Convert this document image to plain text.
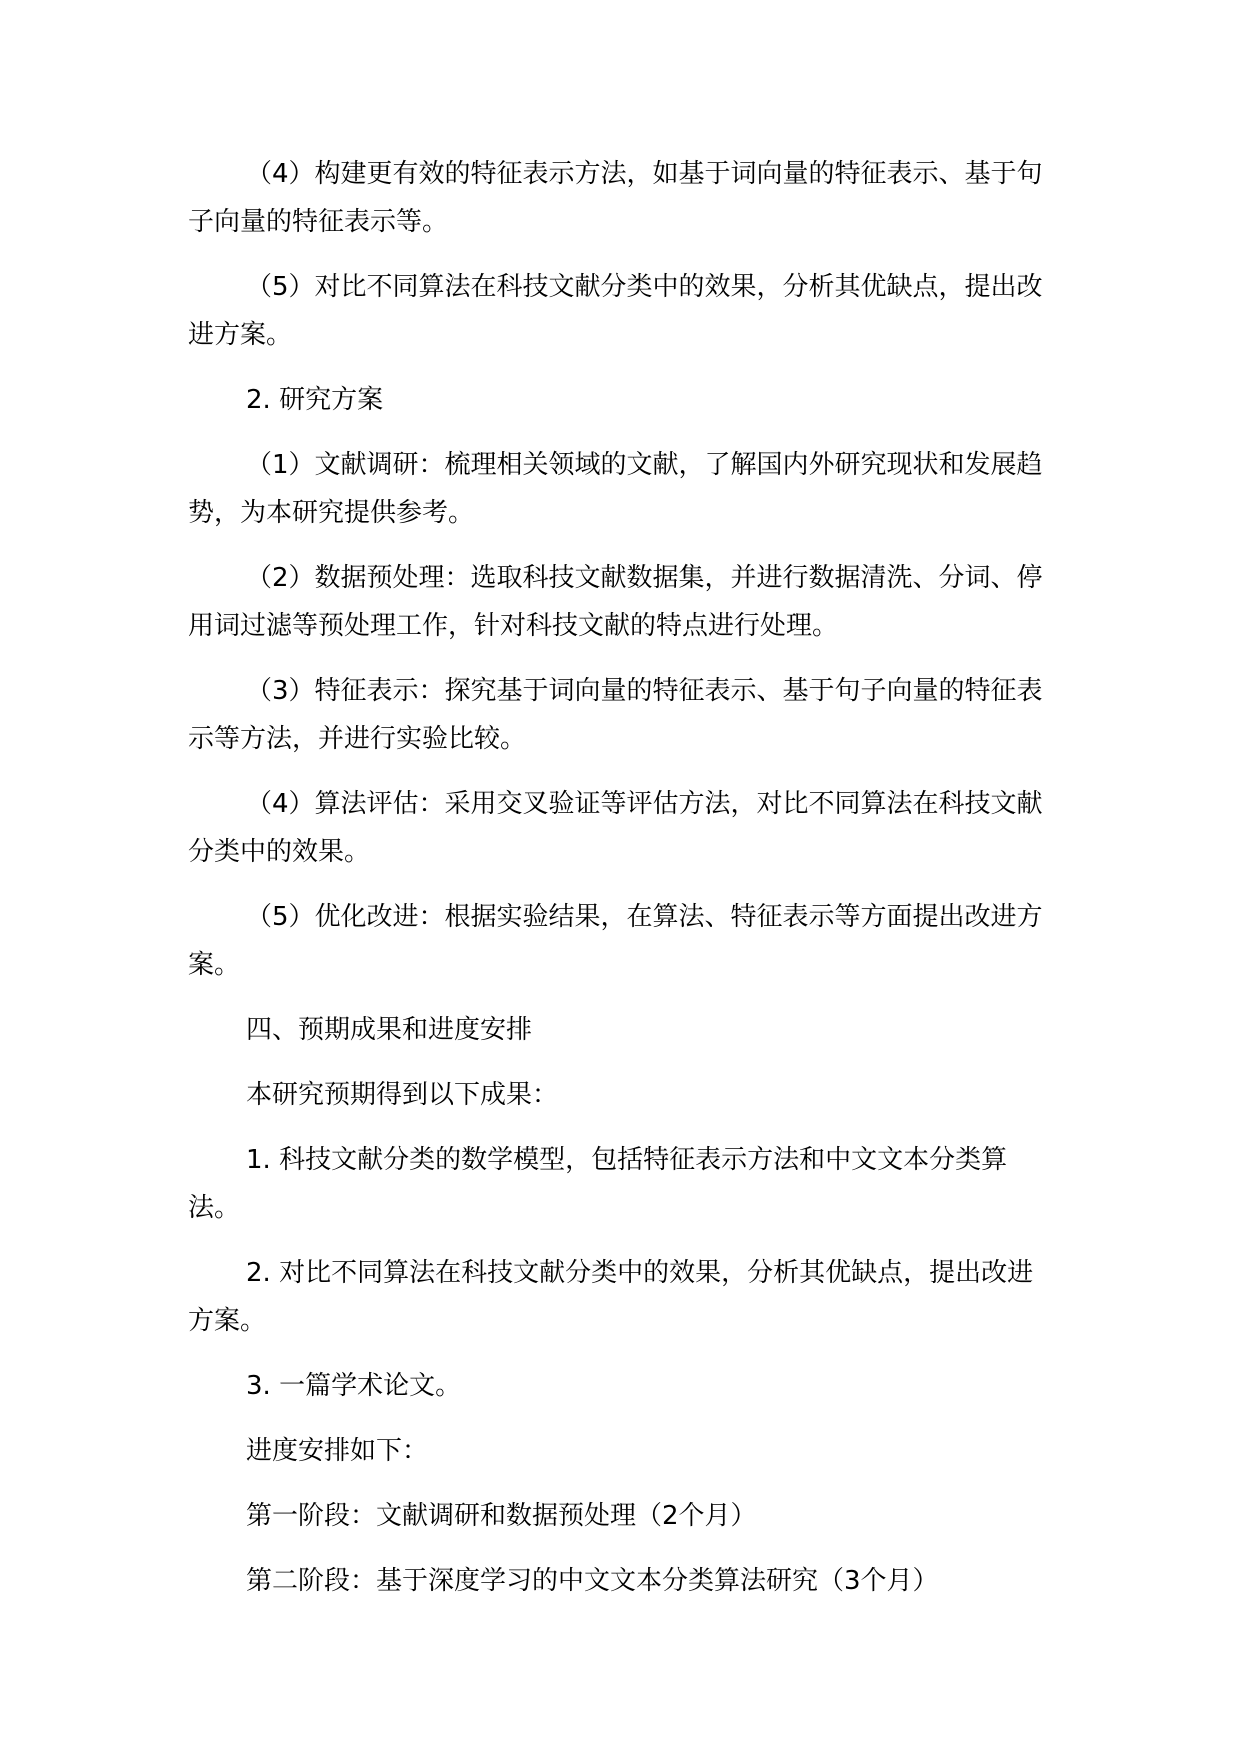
（4）构建更有效的特征表示方法，如基于词向量的特征表示、基于句子向量的特征表示等。

（5）对比不同算法在科技文献分类中的效果，分析其优缺点，提出改进方案。

2. 研究方案

（1）文献调研：梳理相关领域的文献，了解国内外研究现状和发展趋势，为本研究提供参考。

（2）数据预处理：选取科技文献数据集，并进行数据清洗、分词、停用词过滤等预处理工作，针对科技文献的特点进行处理。

（3）特征表示：探究基于词向量的特征表示、基于句子向量的特征表示等方法，并进行实验比较。

（4）算法评估：采用交叉验证等评估方法，对比不同算法在科技文献分类中的效果。

（5）优化改进：根据实验结果，在算法、特征表示等方面提出改进方案。

四、预期成果和进度安排

本研究预期得到以下成果：

1. 科技文献分类的数学模型，包括特征表示方法和中文文本分类算法。

2. 对比不同算法在科技文献分类中的效果，分析其优缺点，提出改进方案。

3. 一篇学术论文。

进度安排如下：

第一阶段：文献调研和数据预处理（2个月）

第二阶段：基于深度学习的中文文本分类算法研究（3个月）
